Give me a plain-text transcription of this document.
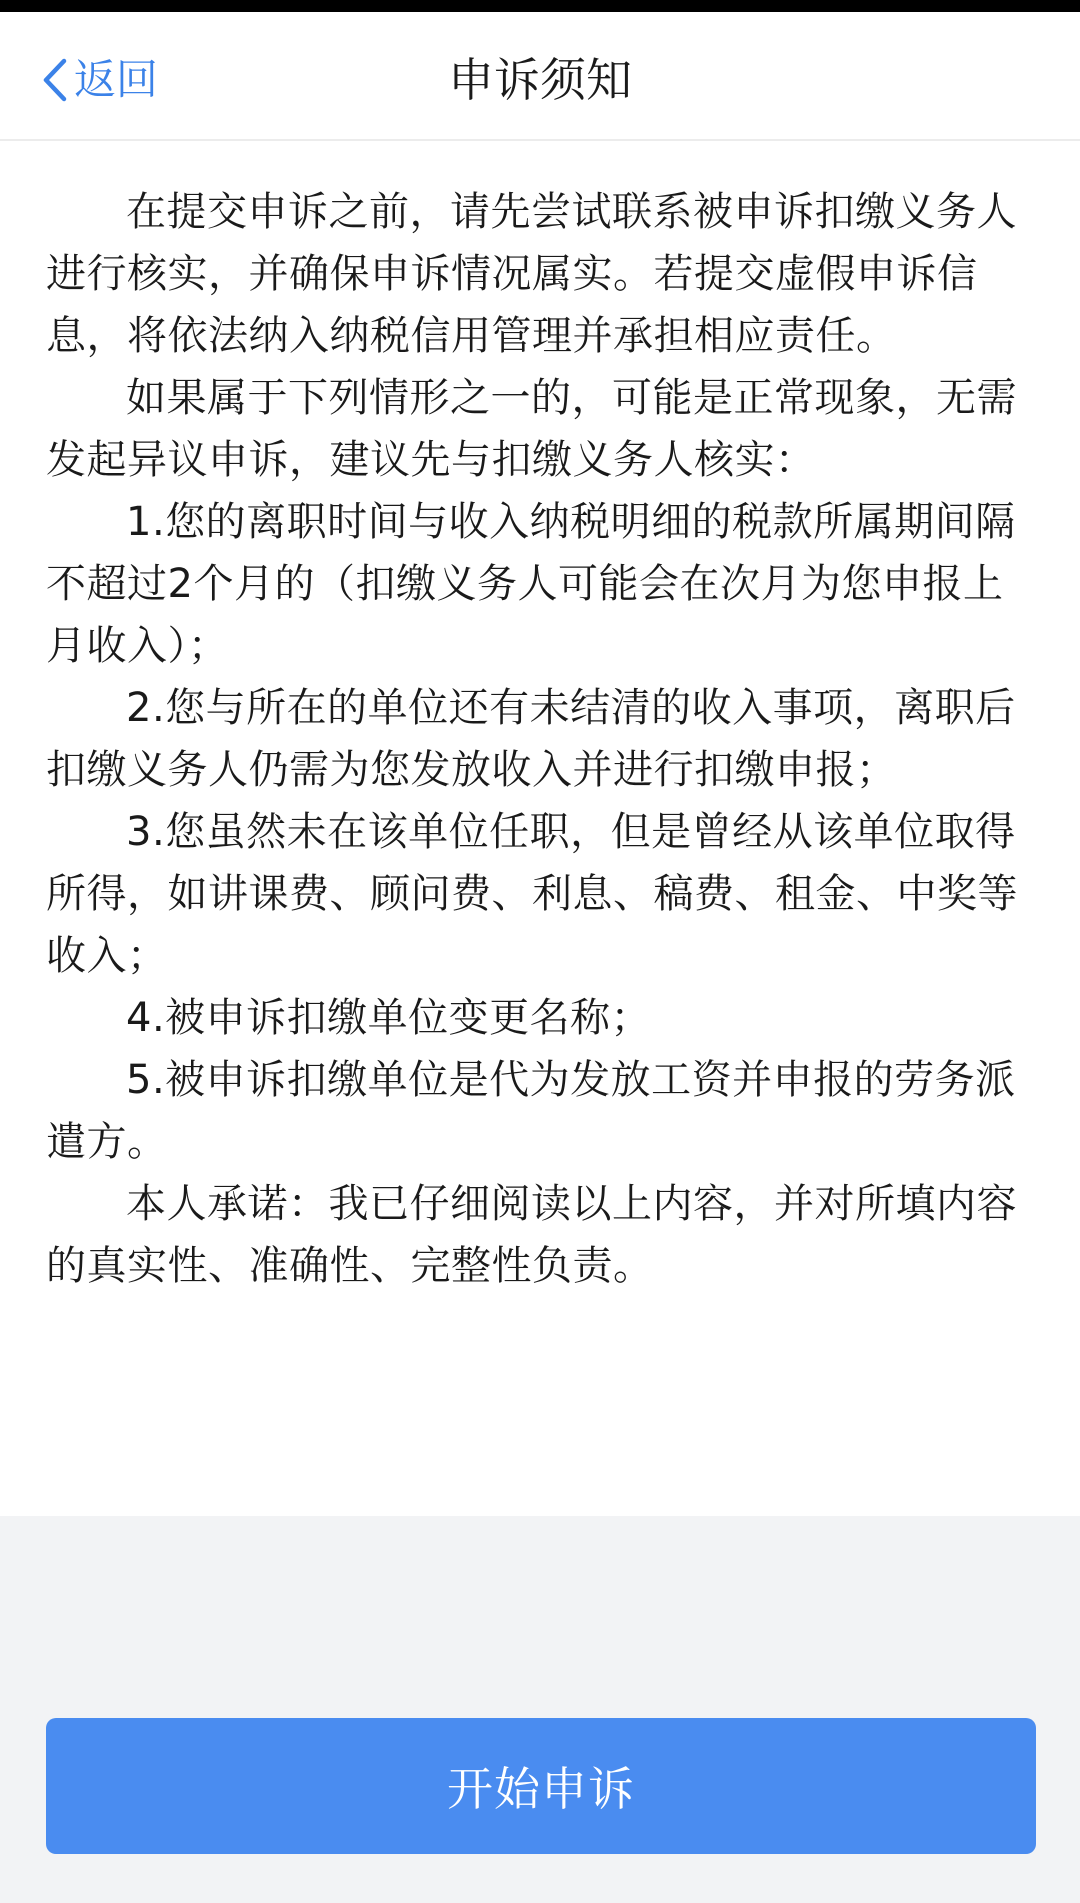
返回	申诉须知

在提交申诉之前，请先尝试联系被申诉扣缴义务人进行核实，并确保申诉情况属实。若提交虚假申诉信息，将依法纳入纳税信用管理并承担相应责任。

如果属于下列情形之一的，可能是正常现象，无需发起异议申诉，建议先与扣缴义务人核实：

1.您的离职时间与收入纳税明细的税款所属期间隔不超过2个月的（扣缴义务人可能会在次月为您申报上月收入）；

2.您与所在的单位还有未结清的收入事项，离职后扣缴义务人仍需为您发放收入并进行扣缴申报；

3.您虽然未在该单位任职，但是曾经从该单位取得所得，如讲课费、顾问费、利息、稿费、租金、中奖等收入；

4.被申诉扣缴单位变更名称；

5.被申诉扣缴单位是代为发放工资并申报的劳务派遣方。

本人承诺：我已仔细阅读以上内容，并对所填内容的真实性、准确性、完整性负责。

开始申诉
